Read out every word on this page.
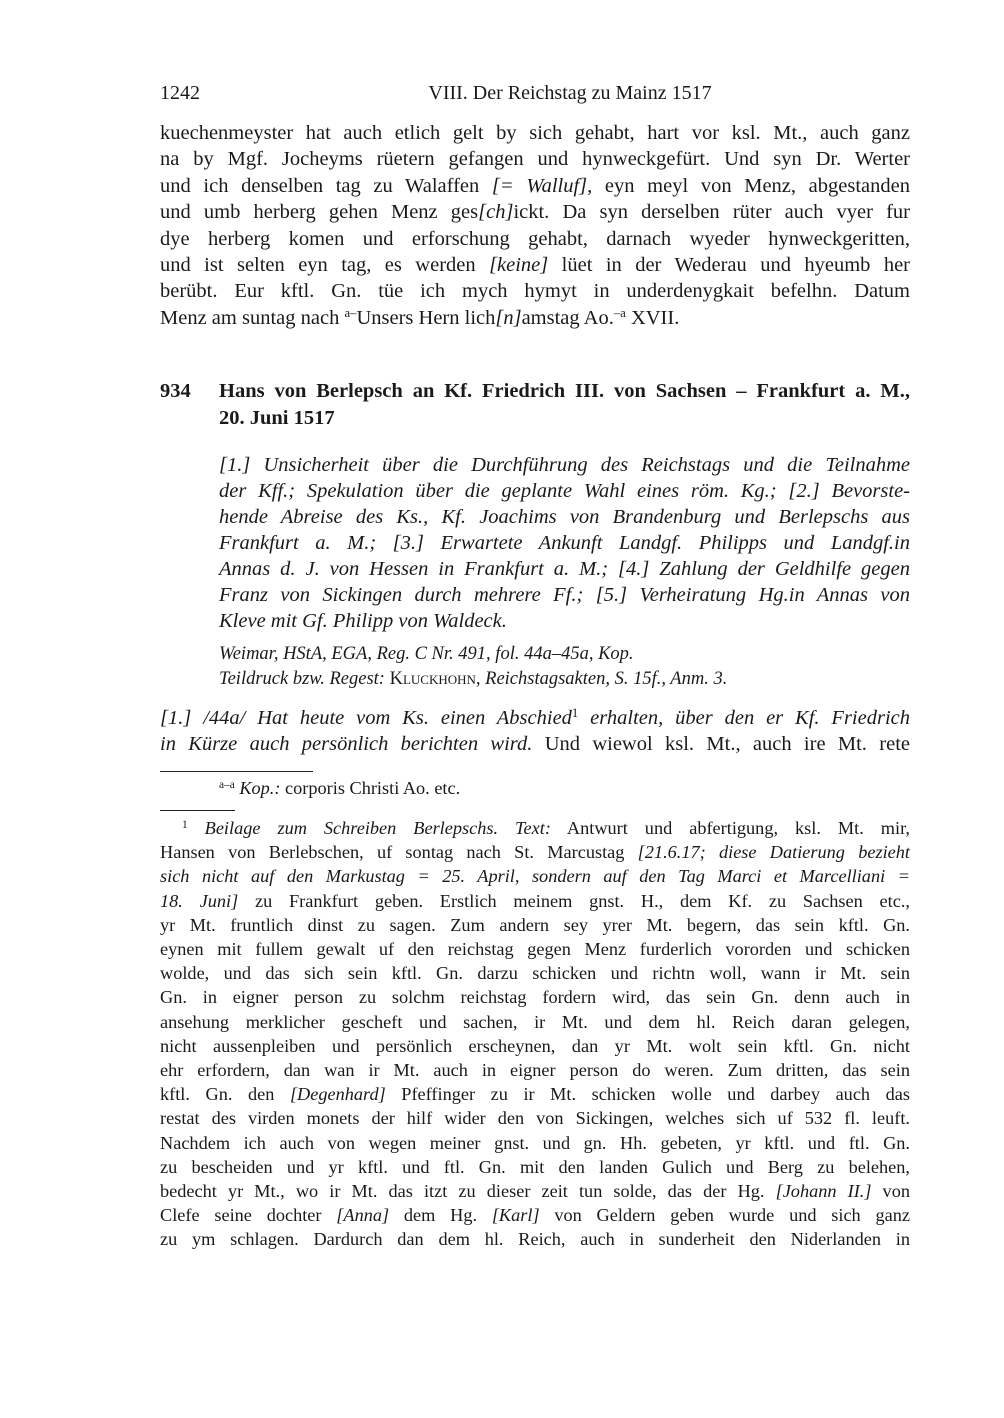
1242	VIII. Der Reichstag zu Mainz 1517
kuechenmeyster hat auch etlich gelt by sich gehabt, hart vor ksl. Mt., auch ganz
na by Mgf. Jocheyms rüetern gefangen und hynweckgefürt. Und syn Dr. Werter
und ich denselben tag zu Walaffen [= Walluf], eyn meyl von Menz, abgestanden
und umb herberg gehen Menz ges[ch]ickt. Da syn derselben rüter auch vyer fur
dye herberg komen und erforschung gehabt, darnach wyeder hynweckgeritten,
und ist selten eyn tag, es werden [keine] lüet in der Wederau und hyeumb her
berübt. Eur kftl. Gn. tüe ich mych hymyt in underdenygkait befelhn. Datum
Menz am suntag nach $^{a-}$Unsers Hern lich[n]amstag Ao.$^{-a}$ XVII.
934	Hans von Berlepsch an Kf. Friedrich III. von Sachsen – Frankfurt a. M.,
20. Juni 1517
[1.] Unsicherheit über die Durchführung des Reichstags und die Teilnahme
der Kff.; Spekulation über die geplante Wahl eines röm. Kg.; [2.] Bevorste-
hende Abreise des Ks., Kf. Joachims von Brandenburg und Berlepschs aus
Frankfurt a. M.; [3.] Erwartete Ankunft Landgf. Philipps und Landgf.in
Annas d. J. von Hessen in Frankfurt a. M.; [4.] Zahlung der Geldhilfe gegen
Franz von Sickingen durch mehrere Ff.; [5.] Verheiratung Hg.in Annas von
Kleve mit Gf. Philipp von Waldeck.
Weimar, HStA, EGA, Reg. C Nr. 491, fol. 44a–45a, Kop.
Teildruck bzw. Regest: Kluckhohn, Reichstagsakten, S. 15f., Anm. 3.
[1.] /44a/ Hat heute vom Ks. einen Abschied$^1$ erhalten, über den er Kf. Friedrich
in Kürze auch persönlich berichten wird. Und wiewol ksl. Mt., auch ire Mt. rete
$^{a-a}$ Kop.: corporis Christi Ao. etc.
$^1$ Beilage zum Schreiben Berlepschs. Text: Antwurt und abfertigung, ksl. Mt. mir,
Hansen von Berlebschen, uf sontag nach St. Marcustag [21.6.17; diese Datierung bezieht
sich nicht auf den Markustag = 25. April, sondern auf den Tag Marci et Marcelliani =
18. Juni] zu Frankfurt geben. Erstlich meinem gnst. H., dem Kf. zu Sachsen etc.,
yr Mt. fruntlich dinst zu sagen. Zum andern sey yrer Mt. begern, das sein kftl. Gn.
eynen mit fullem gewalt uf den reichstag gegen Menz furderlich vororden und schicken
wolde, und das sich sein kftl. Gn. darzu schicken und richtn woll, wann ir Mt. sein
Gn. in eigner person zu solchm reichstag fordern wird, das sein Gn. denn auch in
ansehung merklicher gescheft und sachen, ir Mt. und dem hl. Reich daran gelegen,
nicht aussenpleiben und persönlich erscheynen, dan yr Mt. wolt sein kftl. Gn. nicht
ehr erfordern, dan wan ir Mt. auch in eigner person do weren. Zum dritten, das sein
kftl. Gn. den [Degenhard] Pfeffinger zu ir Mt. schicken wolle und darbey auch das
restat des virden monets der hilf wider den von Sickingen, welches sich uf 532 fl. leuft.
Nachdem ich auch von wegen meiner gnst. und gn. Hh. gebeten, yr kftl. und ftl. Gn.
zu bescheiden und yr kftl. und ftl. Gn. mit den landen Gulich und Berg zu belehen,
bedecht yr Mt., wo ir Mt. das itzt zu dieser zeit tun solde, das der Hg. [Johann II.] von
Clefe seine dochter [Anna] dem Hg. [Karl] von Geldern geben wurde und sich ganz
zu ym schlagen. Dardurch dan dem hl. Reich, auch in sunderheit den Niderlanden in
